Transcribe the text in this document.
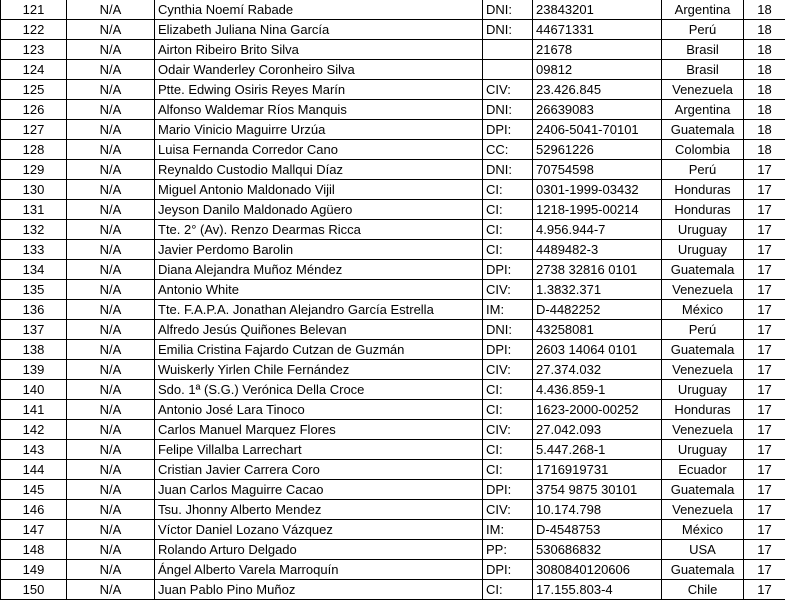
121	N/A	Cynthia Noemí Rabade	DNI:	23843201	Argentina	18
122	N/A	Elizabeth Juliana Nina García	DNI:	44671331	Perú	18
123	N/A	Airton Ribeiro Brito Silva		21678	Brasil	18
124	N/A	Odair Wanderley Coronheiro Silva		09812	Brasil	18
125	N/A	Ptte. Edwing Osiris Reyes Marín	CIV:	23.426.845	Venezuela	18
126	N/A	Alfonso Waldemar Ríos Manquis	DNI:	26639083	Argentina	18
127	N/A	Mario Vinicio Maguirre Urzúa	DPI:	2406-5041-70101	Guatemala	18
128	N/A	Luisa Fernanda Corredor Cano	CC:	52961226	Colombia	18
129	N/A	Reynaldo Custodio Mallqui Díaz	DNI:	70754598	Perú	17
130	N/A	Miguel Antonio Maldonado Vijil	CI:	0301-1999-03432	Honduras	17
131	N/A	Jeyson Danilo Maldonado Agüero	CI:	1218-1995-00214	Honduras	17
132	N/A	Tte. 2° (Av). Renzo Dearmas Ricca	CI:	4.956.944-7	Uruguay	17
133	N/A	Javier Perdomo Barolin	CI:	4489482-3	Uruguay	17
134	N/A	Diana Alejandra Muñoz Méndez	DPI:	2738 32816 0101	Guatemala	17
135	N/A	Antonio White	CIV:	1.3832.371	Venezuela	17
136	N/A	Tte. F.A.P.A. Jonathan Alejandro García Estrella	IM:	D-4482252	México	17
137	N/A	Alfredo Jesús Quiñones Belevan	DNI:	43258081	Perú	17
138	N/A	Emilia Cristina Fajardo Cutzan de Guzmán	DPI:	2603 14064 0101	Guatemala	17
139	N/A	Wuiskerly Yirlen Chile Fernández	CIV:	27.374.032	Venezuela	17
140	N/A	Sdo. 1ª (S.G.) Verónica Della Croce	CI:	4.436.859-1	Uruguay	17
141	N/A	Antonio José Lara Tinoco	CI:	1623-2000-00252	Honduras	17
142	N/A	Carlos Manuel Marquez Flores	CIV:	27.042.093	Venezuela	17
143	N/A	Felipe Villalba Larrechart	CI:	5.447.268-1	Uruguay	17
144	N/A	Cristian Javier Carrera Coro	CI:	1716919731	Ecuador	17
145	N/A	Juan Carlos Maguirre Cacao	DPI:	3754 9875 30101	Guatemala	17
146	N/A	Tsu. Jhonny Alberto Mendez	CIV:	10.174.798	Venezuela	17
147	N/A	Víctor Daniel Lozano Vázquez	IM:	D-4548753	México	17
148	N/A	Rolando Arturo Delgado	PP:	530686832	USA	17
149	N/A	Ángel Alberto Varela Marroquín	DPI:	3080840120606	Guatemala	17
150	N/A	Juan Pablo Pino Muñoz	CI:	17.155.803-4	Chile	17
